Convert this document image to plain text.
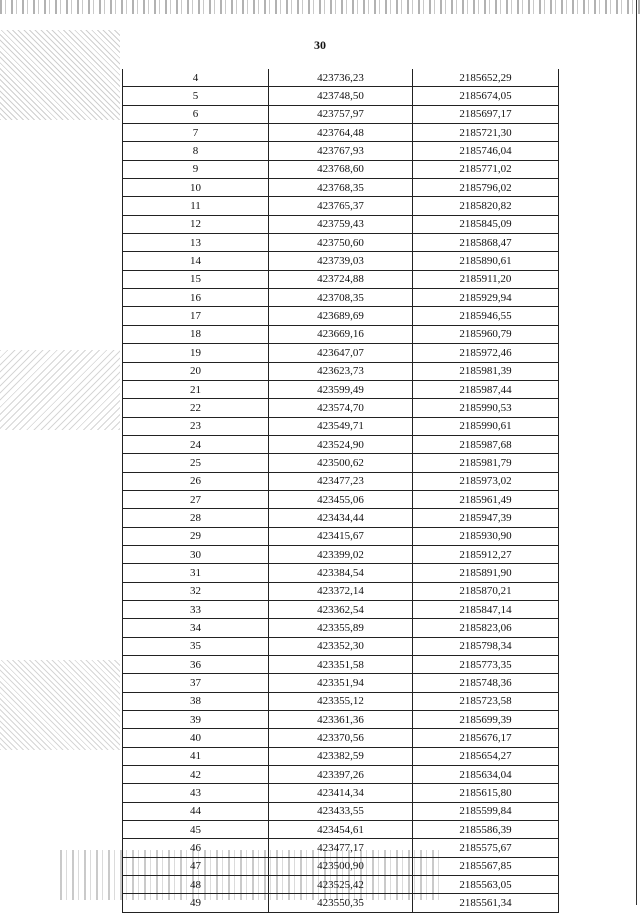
30
4	423736,23	2185652,29
5	423748,50	2185674,05
6	423757,97	2185697,17
7	423764,48	2185721,30
8	423767,93	2185746,04
9	423768,60	2185771,02
10	423768,35	2185796,02
11	423765,37	2185820,82
12	423759,43	2185845,09
13	423750,60	2185868,47
14	423739,03	2185890,61
15	423724,88	2185911,20
16	423708,35	2185929,94
17	423689,69	2185946,55
18	423669,16	2185960,79
19	423647,07	2185972,46
20	423623,73	2185981,39
21	423599,49	2185987,44
22	423574,70	2185990,53
23	423549,71	2185990,61
24	423524,90	2185987,68
25	423500,62	2185981,79
26	423477,23	2185973,02
27	423455,06	2185961,49
28	423434,44	2185947,39
29	423415,67	2185930,90
30	423399,02	2185912,27
31	423384,54	2185891,90
32	423372,14	2185870,21
33	423362,54	2185847,14
34	423355,89	2185823,06
35	423352,30	2185798,34
36	423351,58	2185773,35
37	423351,94	2185748,36
38	423355,12	2185723,58
39	423361,36	2185699,39
40	423370,56	2185676,17
41	423382,59	2185654,27
42	423397,26	2185634,04
43	423414,34	2185615,80
44	423433,55	2185599,84
45	423454,61	2185586,39
46	423477,17	2185575,67
47	423500,90	2185567,85
48	423525,42	2185563,05
49	423550,35	2185561,34
